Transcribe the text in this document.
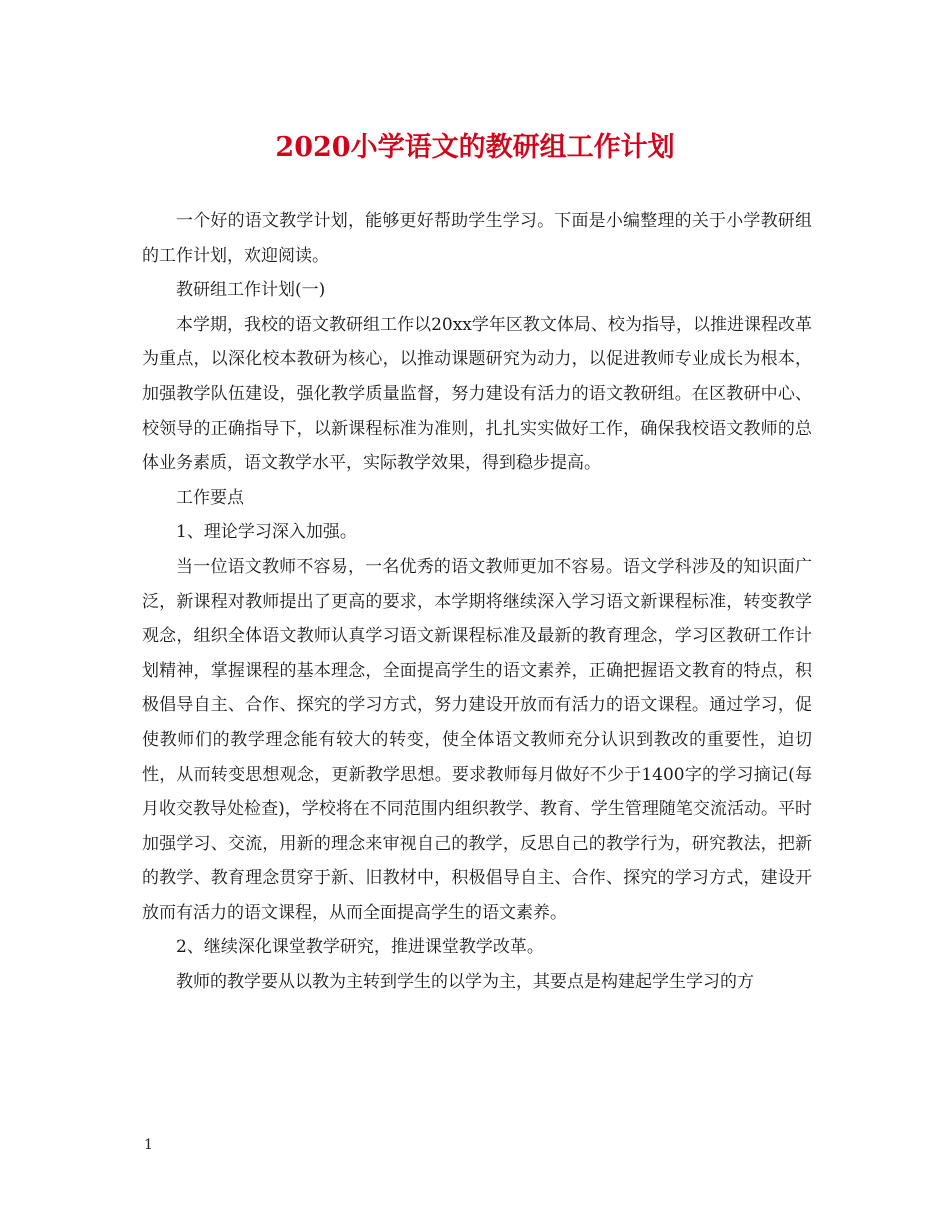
2020小学语文的教研组工作计划

一个好的语文教学计划，能够更好帮助学生学习。下面是小编整理的关于小学教研组的工作计划，欢迎阅读。

教研组工作计划(一)

本学期，我校的语文教研组工作以20xx学年区教文体局、校为指导，以推进课程改革为重点，以深化校本教研为核心，以推动课题研究为动力，以促进教师专业成长为根本，加强教学队伍建设，强化教学质量监督，努力建设有活力的语文教研组。在区教研中心、校领导的正确指导下，以新课程标准为准则，扎扎实实做好工作，确保我校语文教师的总体业务素质，语文教学水平，实际教学效果，得到稳步提高。

工作要点

1、理论学习深入加强。

当一位语文教师不容易，一名优秀的语文教师更加不容易。语文学科涉及的知识面广泛，新课程对教师提出了更高的要求，本学期将继续深入学习语文新课程标准，转变教学观念，组织全体语文教师认真学习语文新课程标准及最新的教育理念，学习区教研工作计划精神，掌握课程的基本理念，全面提高学生的语文素养，正确把握语文教育的特点，积极倡导自主、合作、探究的学习方式，努力建设开放而有活力的语文课程。通过学习，促使教师们的教学理念能有较大的转变，使全体语文教师充分认识到教改的重要性，迫切性，从而转变思想观念，更新教学思想。要求教师每月做好不少于1400字的学习摘记(每月收交教导处检查)，学校将在不同范围内组织教学、教育、学生管理随笔交流活动。平时加强学习、交流，用新的理念来审视自己的教学，反思自己的教学行为，研究教法，把新的教学、教育理念贯穿于新、旧教材中，积极倡导自主、合作、探究的学习方式，建设开放而有活力的语文课程，从而全面提高学生的语文素养。

2、继续深化课堂教学研究，推进课堂教学改革。

教师的教学要从以教为主转到学生的以学为主，其要点是构建起学生学习的方

1
